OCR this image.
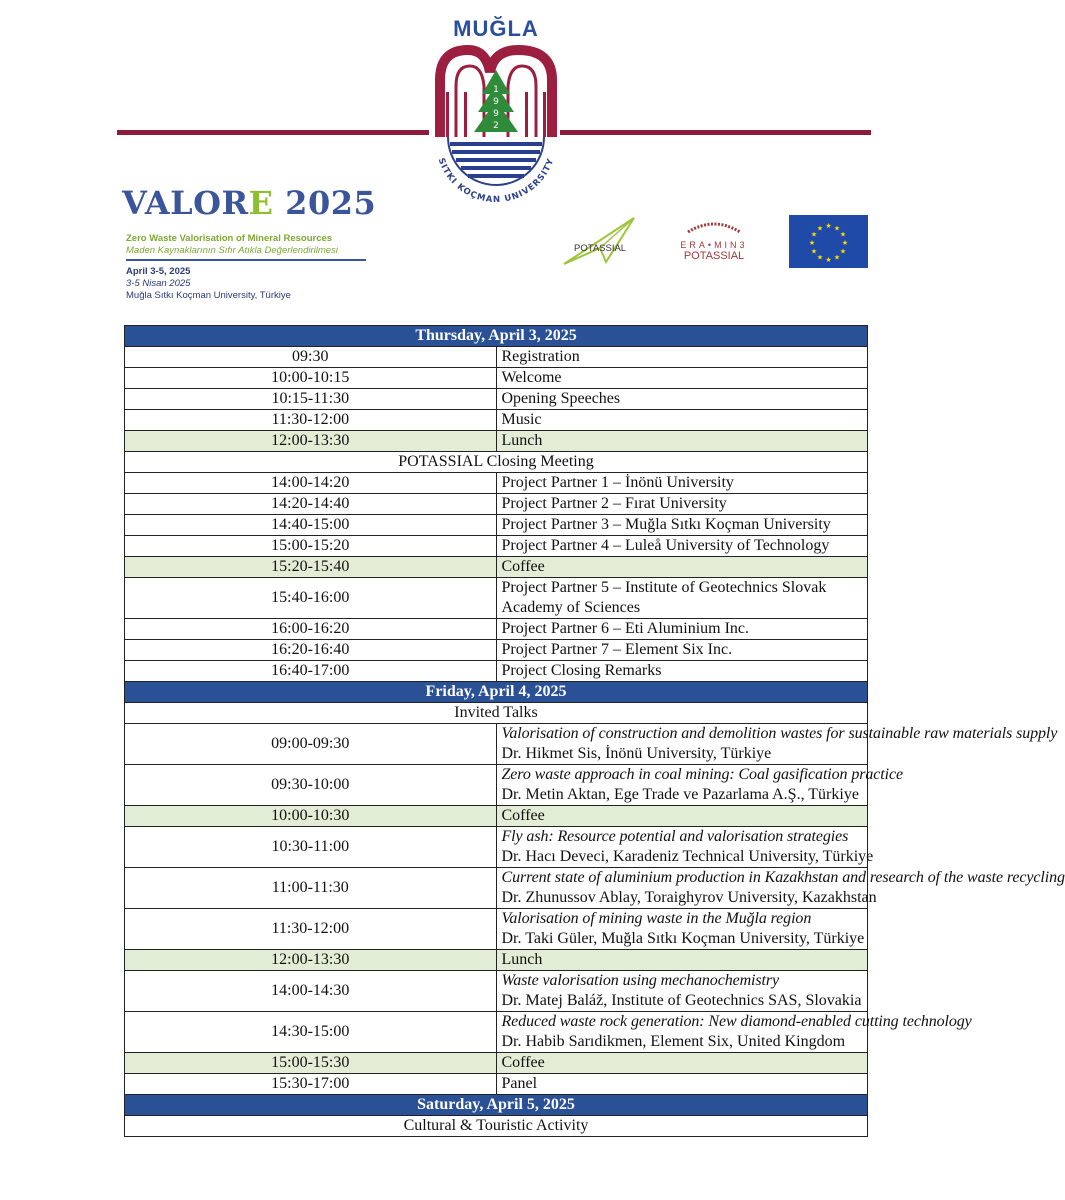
MUĞLA
1
9
9
2
SITKI KOÇMAN UNIVERSITY
VALORE 2025
Zero Waste Valorisation of Mineral Resources
Maden Kaynaklarının Sıfır Atıkla Değerlendirilmesi
April 3-5, 2025
3-5 Nisan 2025
Muğla Sıtkı Koçman University, Türkiye
POTASSIAL	ERA•MIN3
POTASSIAL
★ ★
★
★
★
★
★
★
★
★
★
★
Thursday, April 3, 2025	
09:30	Registration
10:00-10:15	Welcome
10:15-11:30	Opening Speeches
11:30-12:00	Music
12:00-13:30	Lunch
POTASSIAL Closing Meeting	
14:00-14:20	Project Partner 1 – İnönü University
14:20-14:40	Project Partner 2 – Fırat University
14:40-15:00	Project Partner 3 – Muğla Sıtkı Koçman University
15:00-15:20	Project Partner 4 – Luleå University of Technology
15:20-15:40	Coffee
15:40-16:00	Project Partner 5 – Institute of Geotechnics Slovak Academy of Sciences
16:00-16:20	Project Partner 6 – Eti Aluminium Inc.
16:20-16:40	Project Partner 7 – Element Six Inc.
16:40-17:00	Project Closing Remarks
Friday, April 4, 2025	
Invited Talks	
09:00-09:30	Valorisation of construction and demolition wastes for sustainable raw materials supply
Dr. Hikmet Sis, İnönü University, Türkiye

09:30-10:00	Zero waste approach in coal mining: Coal gasification practice
Dr. Metin Aktan, Ege Trade ve Pazarlama A.Ş., Türkiye

10:00-10:30	Coffee
10:30-11:00	Fly ash: Resource potential and valorisation strategies
Dr. Hacı Deveci, Karadeniz Technical University, Türkiye

11:00-11:30	Current state of aluminium production in Kazakhstan and research of the waste recycling
Dr. Zhunussov Ablay, Toraighyrov University, Kazakhstan

11:30-12:00	Valorisation of mining waste in the Muğla region
Dr. Taki Güler, Muğla Sıtkı Koçman University, Türkiye

12:00-13:30	Lunch
14:00-14:30	Waste valorisation using mechanochemistry
Dr. Matej Baláž, Institute of Geotechnics SAS, Slovakia

14:30-15:00	Reduced waste rock generation: New diamond-enabled cutting technology
Dr. Habib Sarıdikmen, Element Six, United Kingdom

15:00-15:30	Coffee
15:30-17:00	Panel
Saturday, April 5, 2025	
Cultural & Touristic Activity	
